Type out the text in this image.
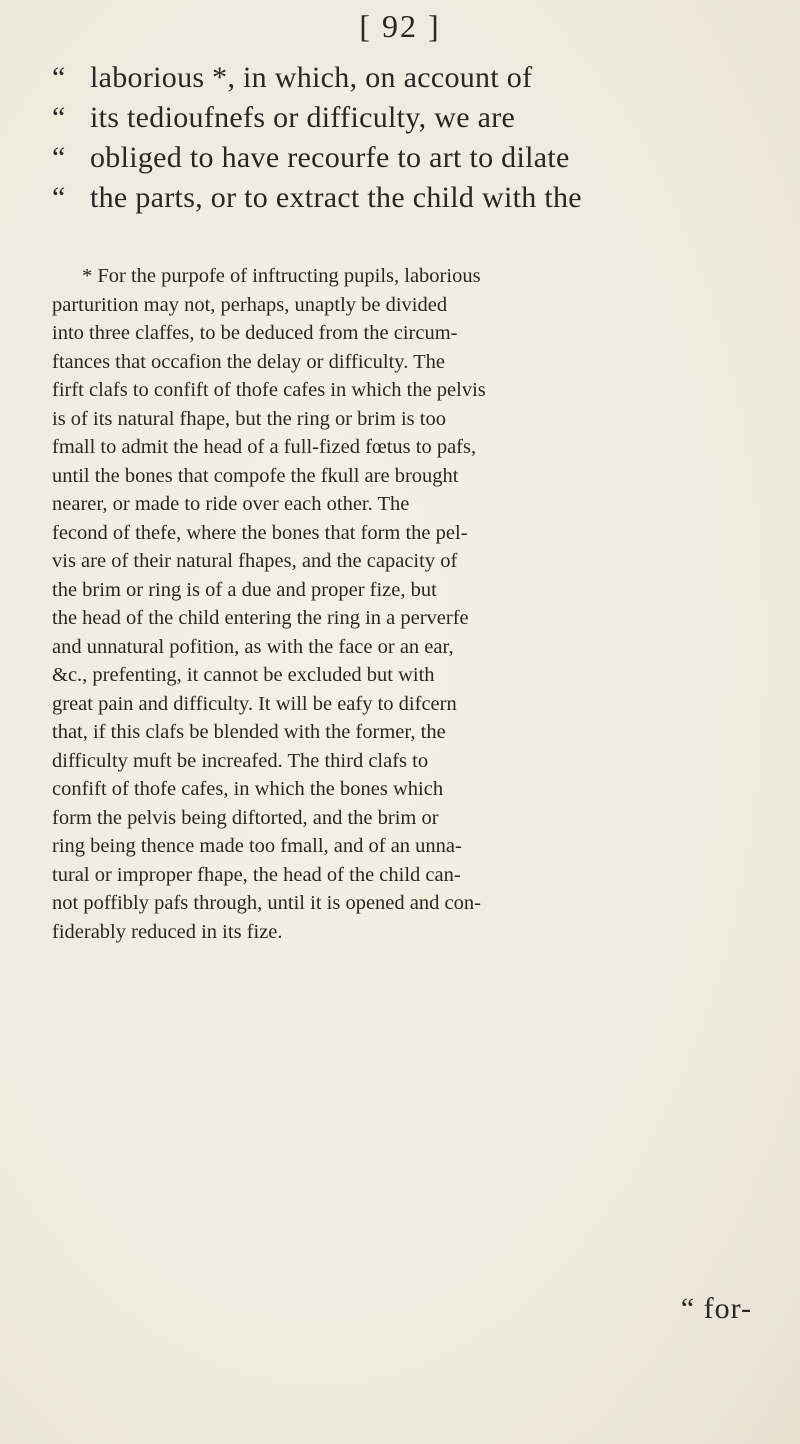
[ 92 ]
“ laborious *, in which, on account of
“ its tedioufnefs or difficulty, we are
“ obliged to have recourfe to art to dilate
“ the parts, or to extract the child with the
* For the purpofe of inftructing pupils, laborious
parturition may not, perhaps, unaptly be divided
into three claffes, to be deduced from the circum-
ftances that occafion the delay or difficulty. The
firft clafs to confift of thofe cafes in which the pelvis
is of its natural fhape, but the ring or brim is too
fmall to admit the head of a full-fized fœtus to pafs,
until the bones that compofe the fkull are brought
nearer, or made to ride over each other. The
fecond of thefe, where the bones that form the pel-
vis are of their natural fhapes, and the capacity of
the brim or ring is of a due and proper fize, but
the head of the child entering the ring in a perverfe
and unnatural pofition, as with the face or an ear,
&c., prefenting, it cannot be excluded but with
great pain and difficulty. It will be eafy to difcern
that, if this clafs be blended with the former, the
difficulty muft be increafed. The third clafs to
confift of thofe cafes, in which the bones which
form the pelvis being diftorted, and the brim or
ring being thence made too fmall, and of an unna-
tural or improper fhape, the head of the child can-
not poffibly pafs through, until it is opened and con-
fiderably reduced in its fize.
“ for-
